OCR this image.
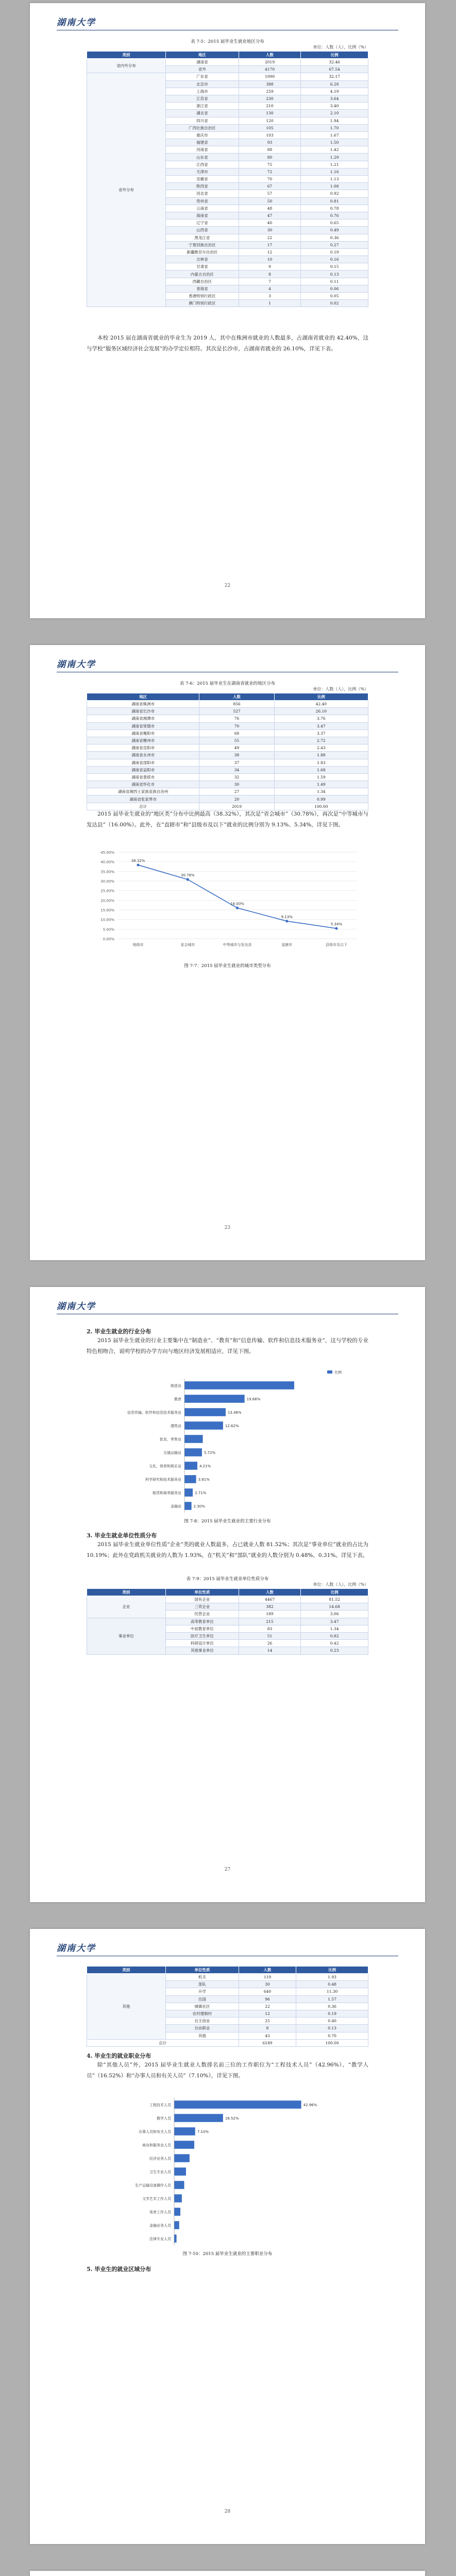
湖南大学

表 7-5：2015 届毕业生就业地区分布

单位：人数（人），比例（%）

类别	地区	人数	比例
省内外分布	湖南省	2019	32.46
	省外	4170	67.54
省外分布	广东省	1990	32.17
	北京市	388	6.28
	上海市	259	4.19
	江苏省	230	3.64
	浙江省	210	3.40
	湖北省	130	2.10
	四川省	120	1.94
	广西壮族自治区	105	1.70
	重庆市	103	1.67
	福建省	93	1.50
	河南省	88	1.42
	山东省	80	1.29
	江西省	75	1.21
	天津市	72	1.16
	安徽省	70	1.13
	陕西省	67	1.08
	河北省	57	0.92
	贵州省	50	0.81
	云南省	48	0.78
	海南省	47	0.76
	辽宁省	40	0.65
	山西省	30	0.49
	黑龙江省	22	0.36
	宁夏回族自治区	17	0.27
	新疆维吾尔自治区	12	0.19
	吉林省	10	0.16
	甘肃省	9	0.15
	内蒙古自治区	8	0.13
	西藏自治区	7	0.11
	青海省	4	0.06
	香港特别行政区	3	0.05
	澳门特别行政区	1	0.02

本校 2015 届在湖南省就业的毕业生为 2019 人，其中在株洲市就业的人数最多，占湖南省就业的 42.40%，这与学校“服务区域经济社会发展”的办学定位相符。其次是长沙市，占湖南省就业的 26.10%，详见下表。

22
湖南大学

表 7-6：2015 届毕业生在湖南省就业的地区分布

单位：人数（人），比例（%）

地区	人数	比例
湖南省株洲市	856	42.40
湖南省长沙市	527	26.10
湖南省湘潭市	76	3.76
湖南省常德市	70	3.47
湖南省衡阳市	68	3.37
湖南省郴州市	55	2.72
湖南省岳阳市	49	2.43
湖南省永州市	38	1.88
湖南省邵阳市	37	1.83
湖南省益阳市	34	1.68
湖南省娄底市	32	1.59
湖南省怀化市	30	1.49
湖南省湘西土家族苗族自治州	27	1.34
湖南省张家界市	20	0.99
总计	2019	100.00

2015 届毕业生就业的“地区类”分布中比例最高（38.32%），其次是“省会城市”（30.78%），再次是“中等城市与发达县”（16.00%）。此外，在“直辖市”和“县级市及以下”就业的比例分别为 9.13%、5.34%，详见下图。

45.00%
40.00%
35.00%
30.00%
25.00%
20.00%
15.00%
10.00%
5.00%
0.00%
38.32%
地级市
30.78%
省会城市
16.00%
中等城市与发达县
9.13%
直辖市
5.34%
县级市及以下

图 7-7：2015 届毕业生就业的城市类型分布

23
湖南大学

2. 毕业生就业的行业分布

2015 届毕业生就业的行业主要集中在“制造业”、“教育”和“信息传输、软件和信息技术服务业”，这与学校的专业特色相吻合，说明学校的办学方向与地区经济发展相适应，详见下图。

比例
制造业
教育	19.66%
信息传输、软件和信息技术服务业	13.48%
建筑业	12.62%
批发、零售业
交通运输业	5.72%
文化、体育和娱乐业	4.21%
科学研究和技术服务业	3.81%
租赁和商务服务业	2.71%
金融业	2.30%

图 7-8：2015 届毕业生就业的主要行业分布

3. 毕业生就业单位性质分布

2015 届毕业生就业单位性质“企业”类的就业人数最多，占已就业人数 81.52%；其次是“事业单位”就业的占比为 10.19%；此外在党政机关就业的人数为 1.93%，在“机关”和“部队”就业的人数分别为 0.48%、0.31%。详见下表。

表 7-9：2015 届毕业生就业单位性质分布

单位：人数（人），比例（%）

类别	单位性质	人数	比例
企业	国有企业	4467	81.52
	三资企业	382	14.68
	民营企业	189	3.06
事业单位	高等教育单位	215	3.47
	中初教育单位	83	1.34
	医疗卫生单位	51	0.82
	科研设计单位	26	0.42
	其他事业单位	14	0.23
27
湖南大学
类别	单位性质	人数	比例
其他	机关	119	1.93
	部队	30	0.48
	升学	640	11.30
	出国	96	1.57
	城镇社区	22	0.36
	农村建制村	12	0.19
	自主创业	25	0.40
	自由职业	8	0.13
	其他	43	0.70
总计		6189	100.00

4. 毕业生的就业职业分布

除“其他人员”外，2015 届毕业生就业人数排名前三位的工作职位为“工程技术人员”（42.96%）、“教学人员”（16.52%）和“办事人员和有关人员”（7.10%），详见下图。

工程技术人员	42.96%
教学人员	16.52%
办事人员和有关人员	7.10%
商业和服务业人员
经济业务人员
卫生专业人员
生产运输设备操作人员
文学艺术工作人员
体育工作人员
金融业务人员
法律专业人员

图 7-10：2015 届毕业生就业的主要职业分布

5. 毕业生的就业区域分布

28
